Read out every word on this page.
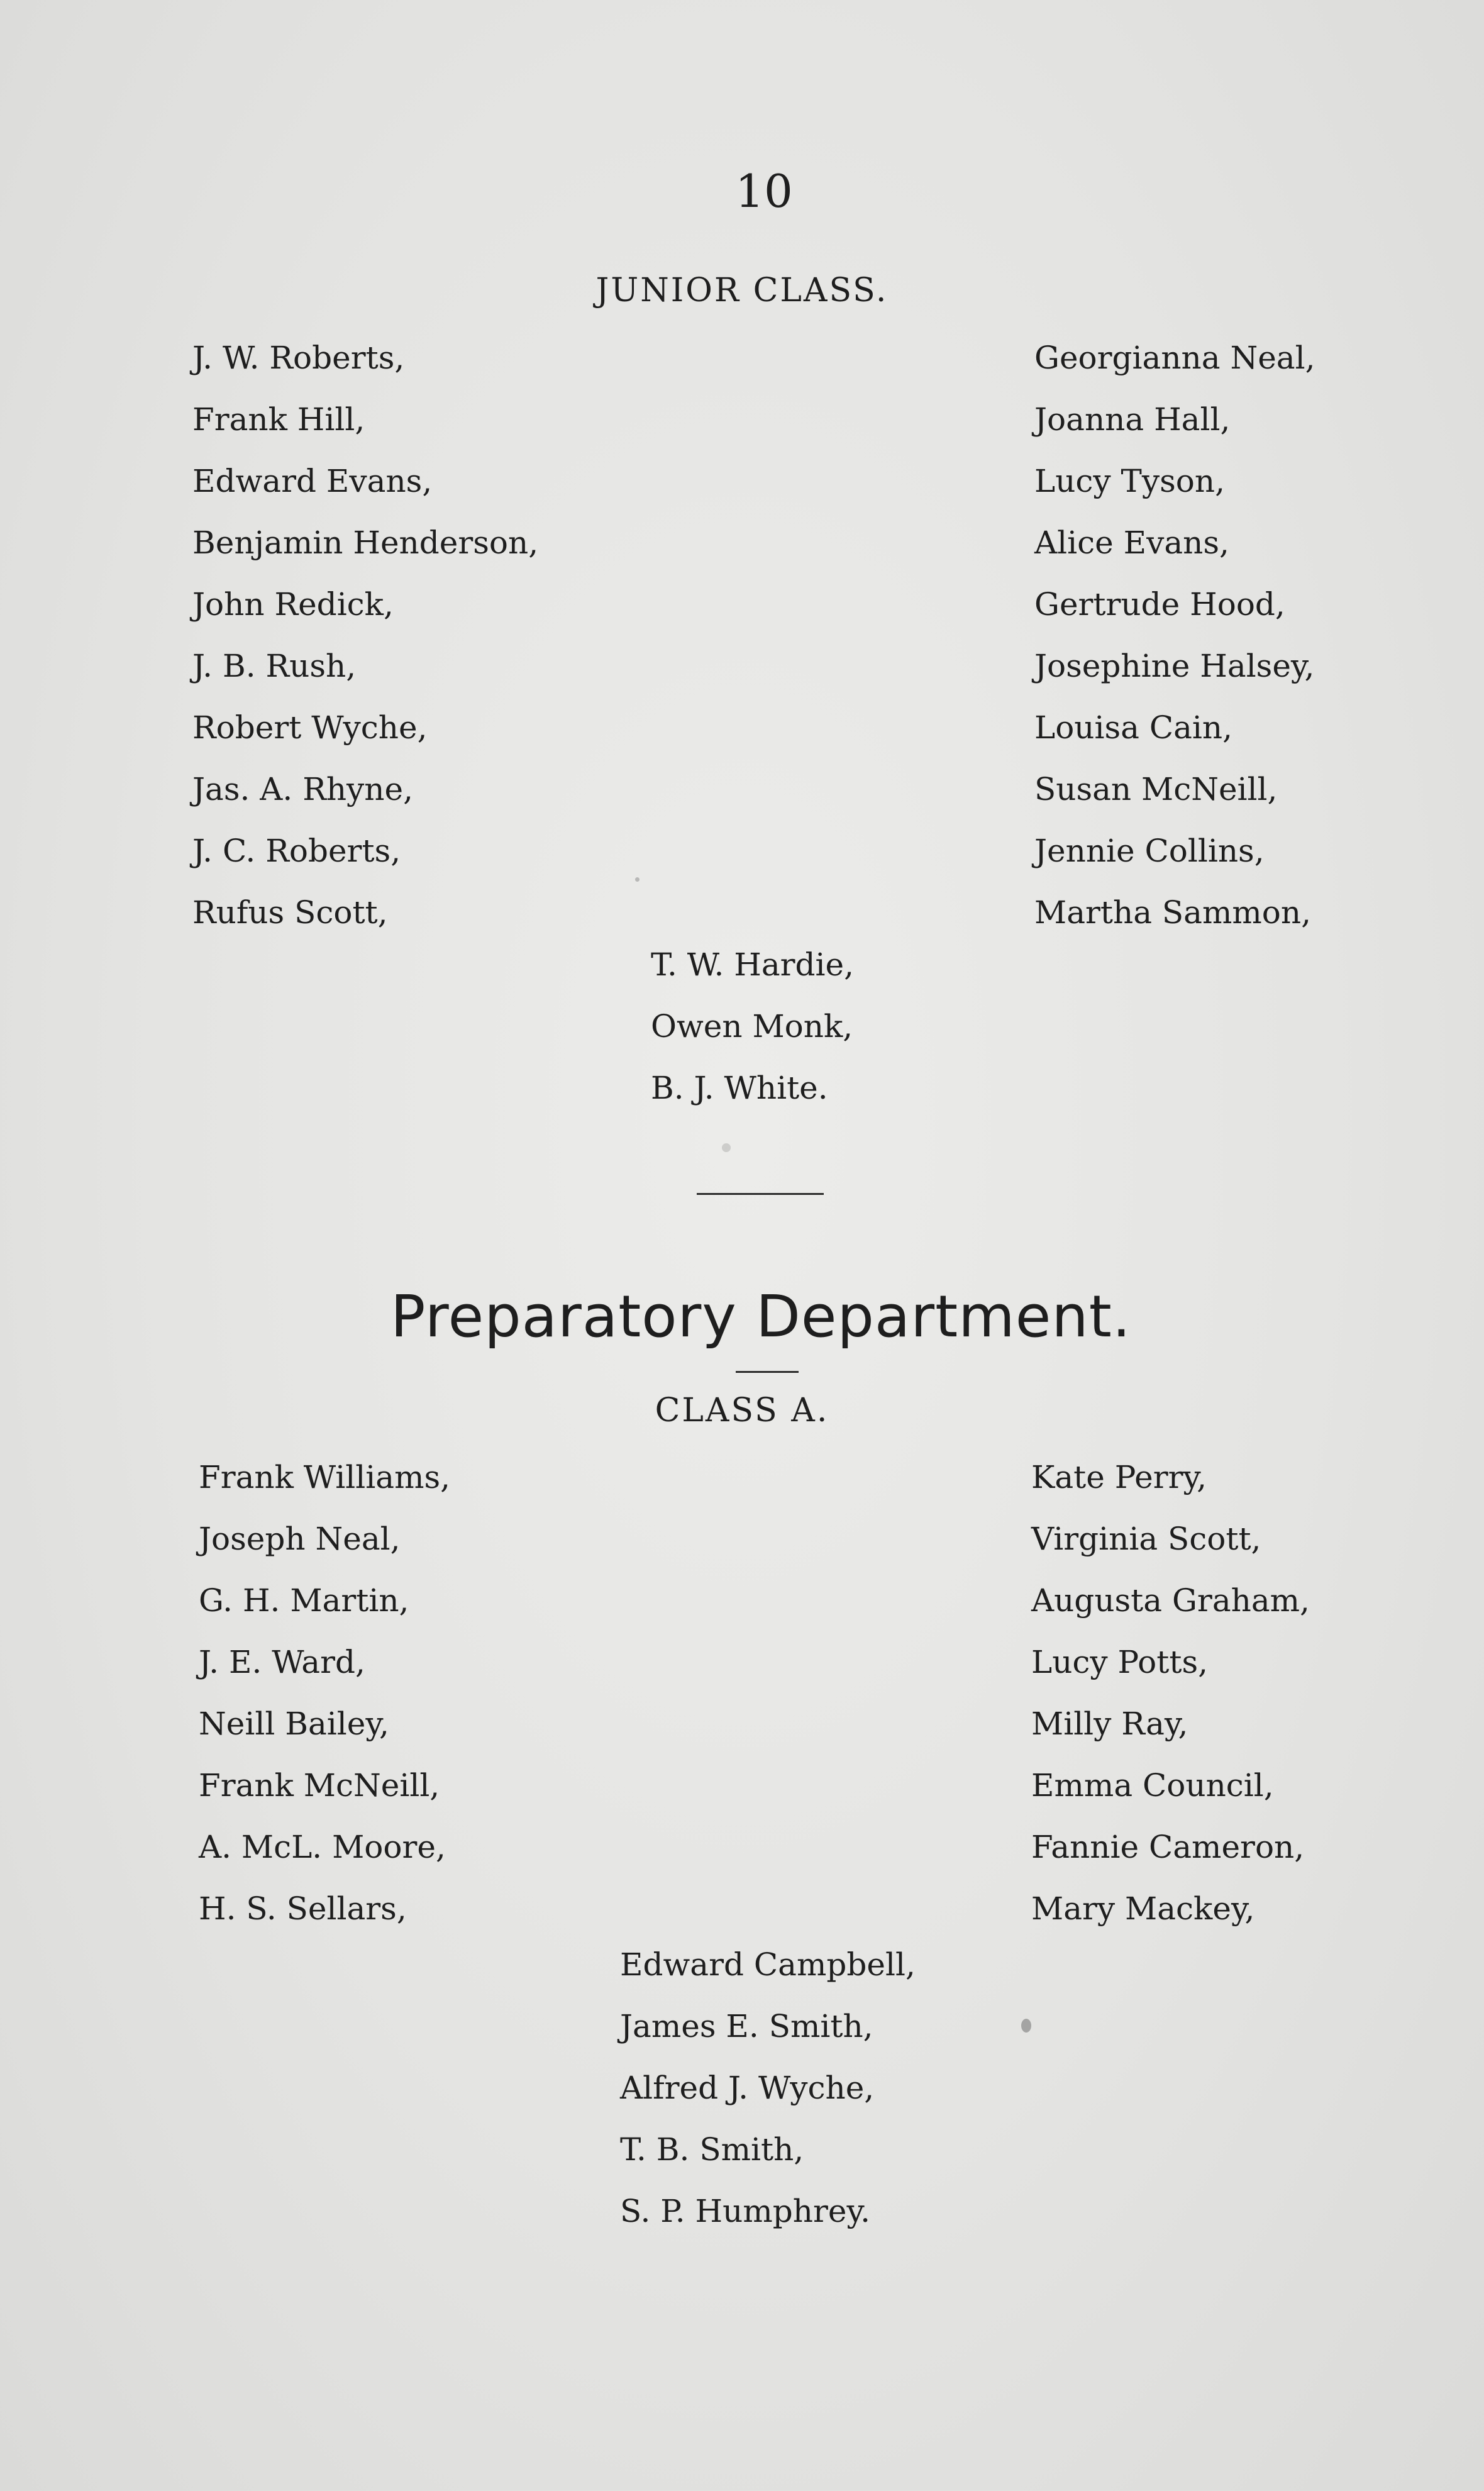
10
JUNIOR CLASS.
J. W. Roberts,
Frank Hill,
Edward Evans,
Benjamin Henderson,
John Redick,
J. B. Rush,
Robert Wyche,
Jas. A. Rhyne,
J. C. Roberts,
Rufus Scott,
Georgianna Neal,
Joanna Hall,
Lucy Tyson,
Alice Evans,
Gertrude Hood,
Josephine Halsey,
Louisa Cain,
Susan McNeill,
Jennie Collins,
Martha Sammon,
T. W. Hardie,
Owen Monk,
B. J. White.
Preparatory Department.
CLASS A.
Frank Williams,
Joseph Neal,
G. H. Martin,
J. E. Ward,
Neill Bailey,
Frank McNeill,
A. McL. Moore,
H. S. Sellars,
Kate Perry,
Virginia Scott,
Augusta Graham,
Lucy Potts,
Milly Ray,
Emma Council,
Fannie Cameron,
Mary Mackey,
Edward Campbell,
James E. Smith,
Alfred J. Wyche,
T. B. Smith,
S. P. Humphrey.
